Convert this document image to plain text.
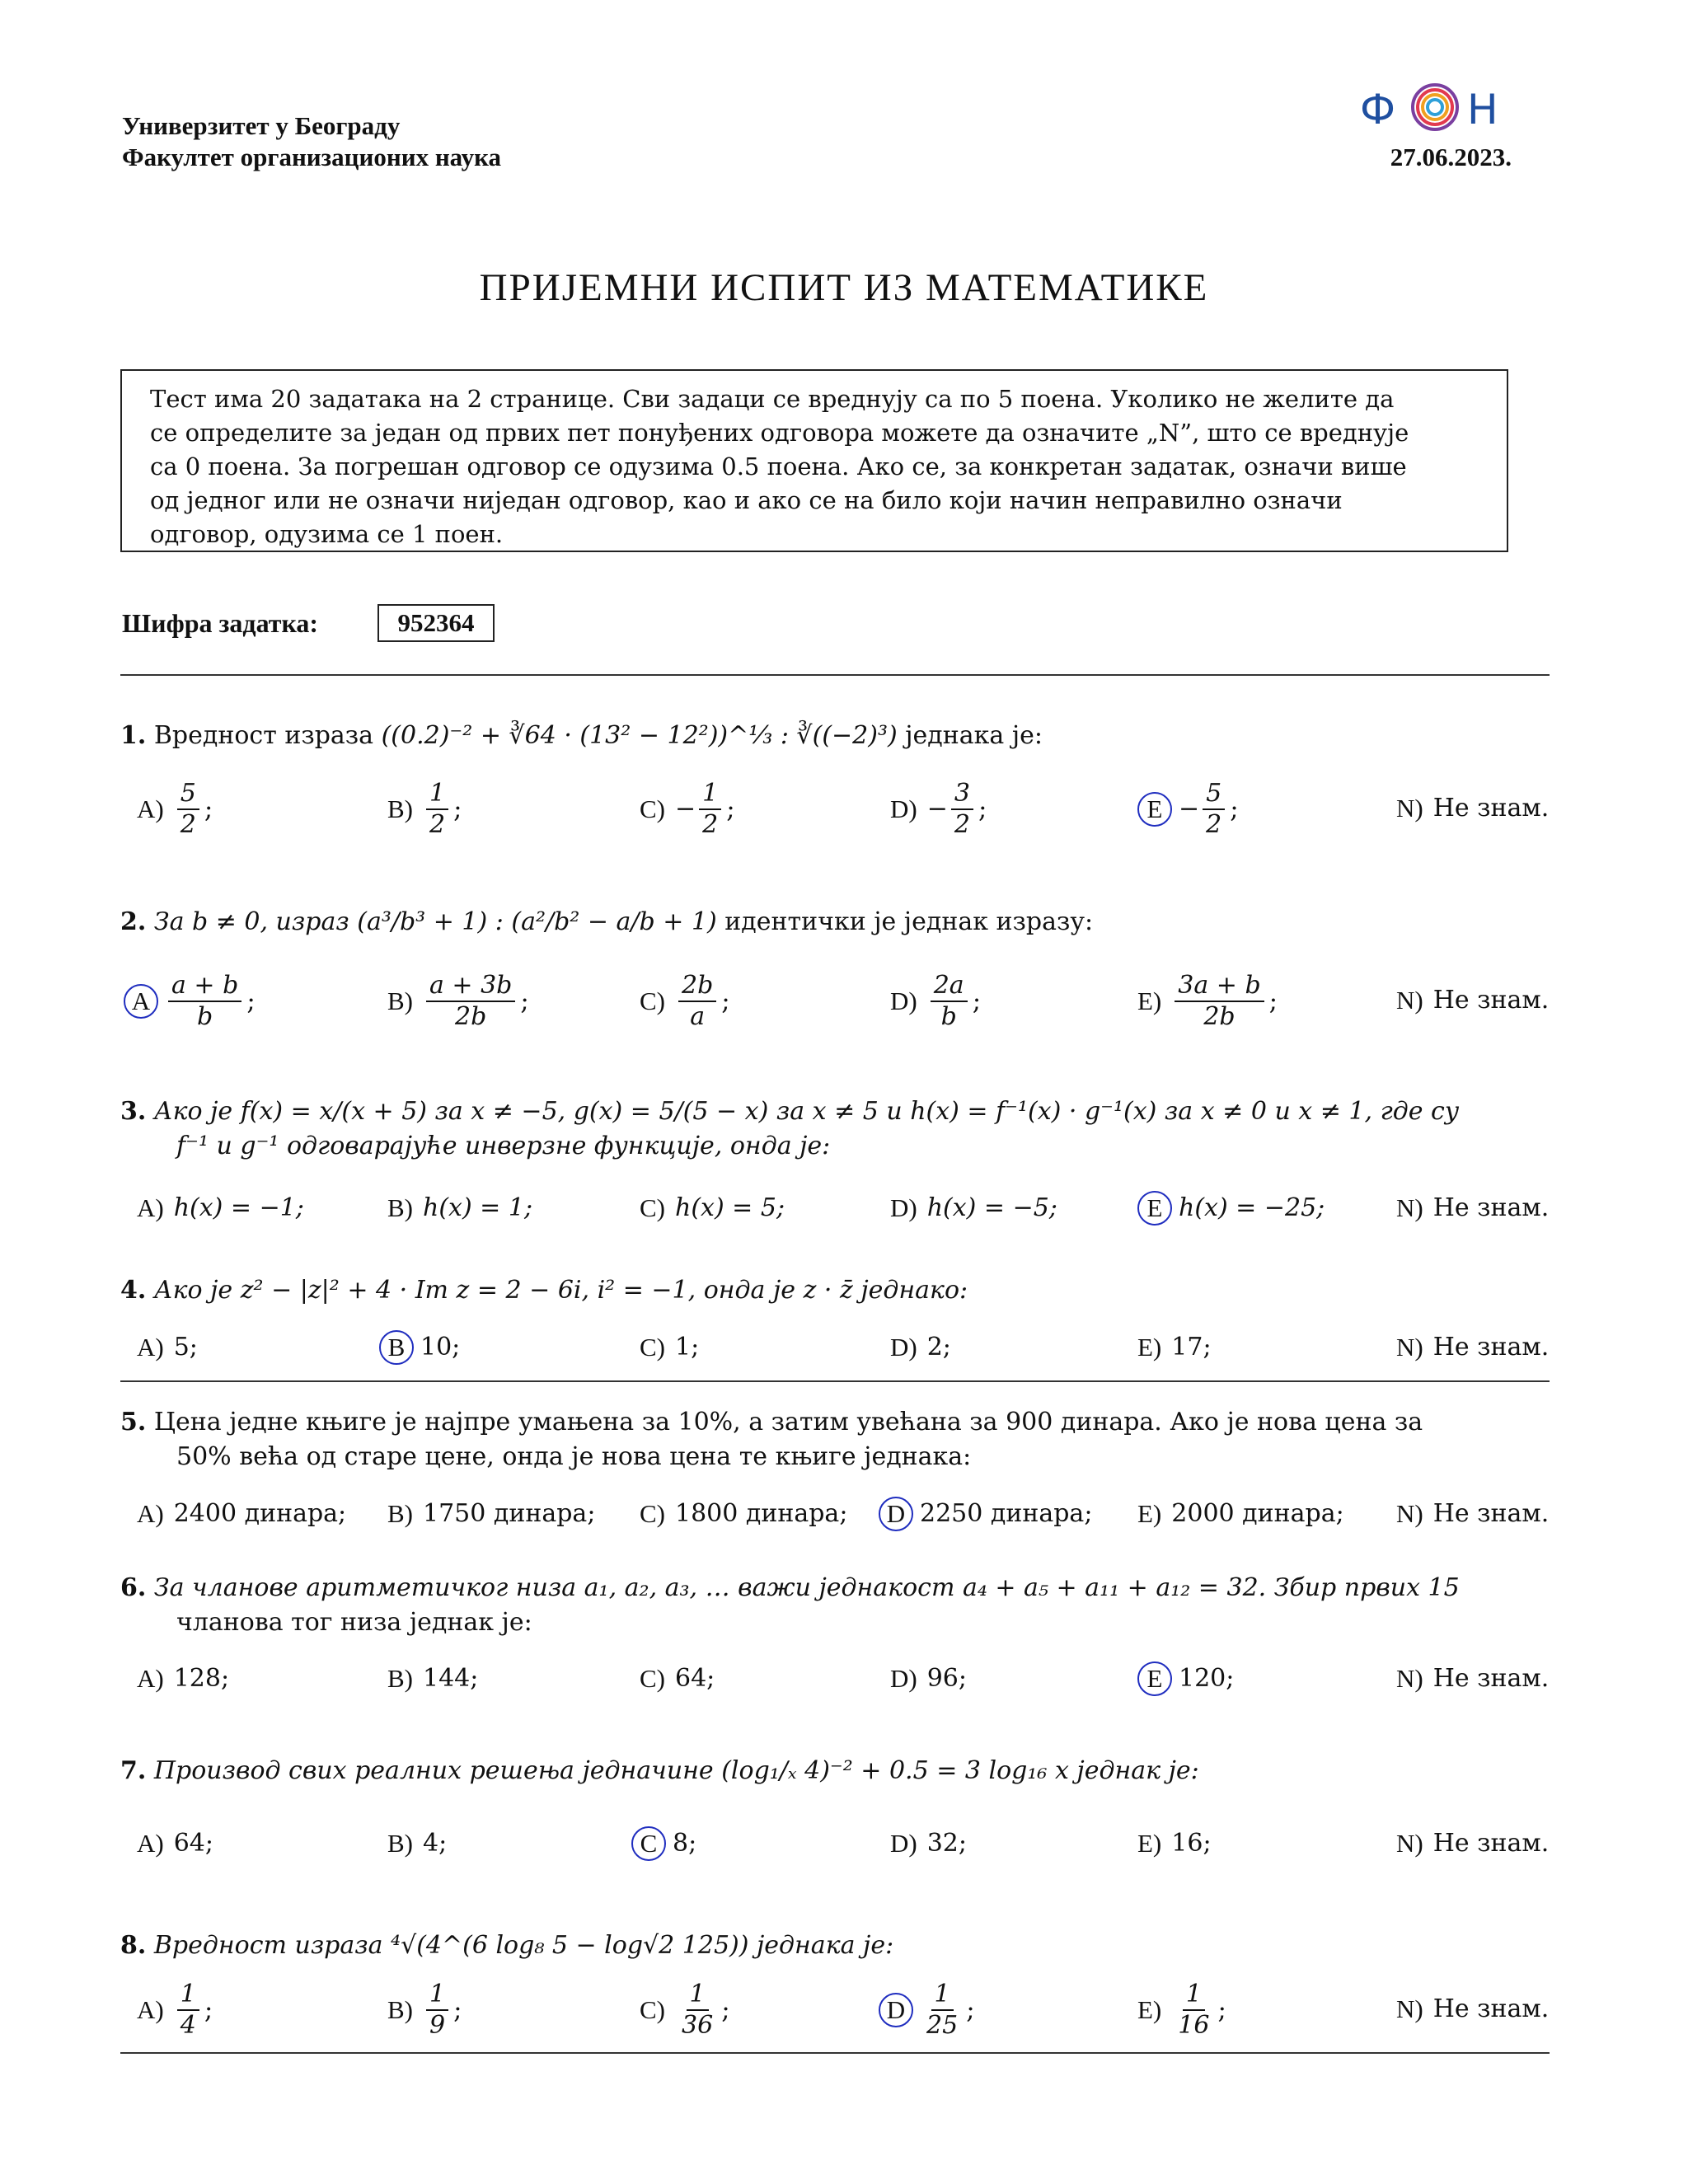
Универзитет у Београду
Факултет организационих наука	27.06.2023.
Ф Н
ПРИЈЕМНИ ИСПИТ ИЗ МАТЕМАТИКЕ

Тест има 20 задатака на 2 странице. Сви задаци се вреднују са по 5 поена. Уколико не желите да

се определите за један од првих пет понуђених одговора можете да означите „N”, што се вреднује

са 0 поена. За погрешан одговор се одузима 0.5 поена. Ако се, за конкретан задатак, означи више

од једног или не означи ниједан одговор, као и ако се на било који начин неправилно означи

одговор, одузима се 1 поен.

Шифра задатка:	952364
1. Вредност израза ((0.2)⁻² + ∛64 · (13² − 12²))^⅓ : ∛((−2)³) једнака је:
$A) \frac{5}{2}$ ;	$B) \frac{1}{2}$ ;	$C) - \frac{1}{2}$ ;	$D) - \frac{3}{2}$ ;	$E - \frac{5}{2}$ ;	N) Не знам.
2. За b ≠ 0, израз (a³/b³ + 1) : (a²/b² − a/b + 1) идентички је једнак изразу:
A $\frac{a + b}{b}$ ;	$B) \frac{a + 3b}{2b}$ ;	$C) \frac{2b}{a}$ ;	$D) \frac{2a}{b}$ ;	$E) \frac{3a + b}{2b}$ ;	N) Не знам.
3. Ако је f(x) = x/(x + 5) за x ≠ −5, g(x) = 5/(5 − x) за x ≠ 5 и h(x) = f⁻¹(x) · g⁻¹(x) за x ≠ 0 и x ≠ 1, где су
f⁻¹ и g⁻¹ одговарајуће инверзне функције, онда је:
A) h(x) = −1;	B) h(x) = 1;	C) h(x) = 5;	D) h(x) = −5;	E h(x) = −25;	N) Не знам.
4. Ако је z² − |z|² + 4 · Im z = 2 − 6i, i² = −1, онда је z · z̄ једнако:
A) 5;	B 10;	C) 1;	D) 2;	E) 17;	N) Не знам.
5. Цена једне књиге је најпре умањена за 10%, а затим увећана за 900 динара. Ако је нова цена за
50% већа од старе цене, онда је нова цена те књиге једнака:
A) 2400 динара; B) 1750 динара; C) 1800 динара;	D 2250 динара; E) 2000 динара; N) Не знам.
6. За чланове аритметичког низа a₁, a₂, a₃, … важи једнакост a₄ + a₅ + a₁₁ + a₁₂ = 32. Збир првих 15
чланова тог низа једнак је:
A) 128;	B) 144;	C) 64;	D) 96;	E 120;	N) Не знам.
7. Производ свих реалних решења једначине (log₁/ₓ 4)⁻² + 0.5 = 3 log₁₆ x једнак је:
A) 64;	B) 4;	C 8;	D) 32;	E) 16;	N) Не знам.
8. Вредност израза ⁴√(4^(6 log₈ 5 − log√2 125)) једнака је:
$A) \frac{1}{4}$ ;	$B) \frac{1}{9}$ ;	$C) \frac{1}{36}$ ;	D $\frac{1}{25}$ ;	$E) \frac{1}{16}$ ;	N) Не знам.
